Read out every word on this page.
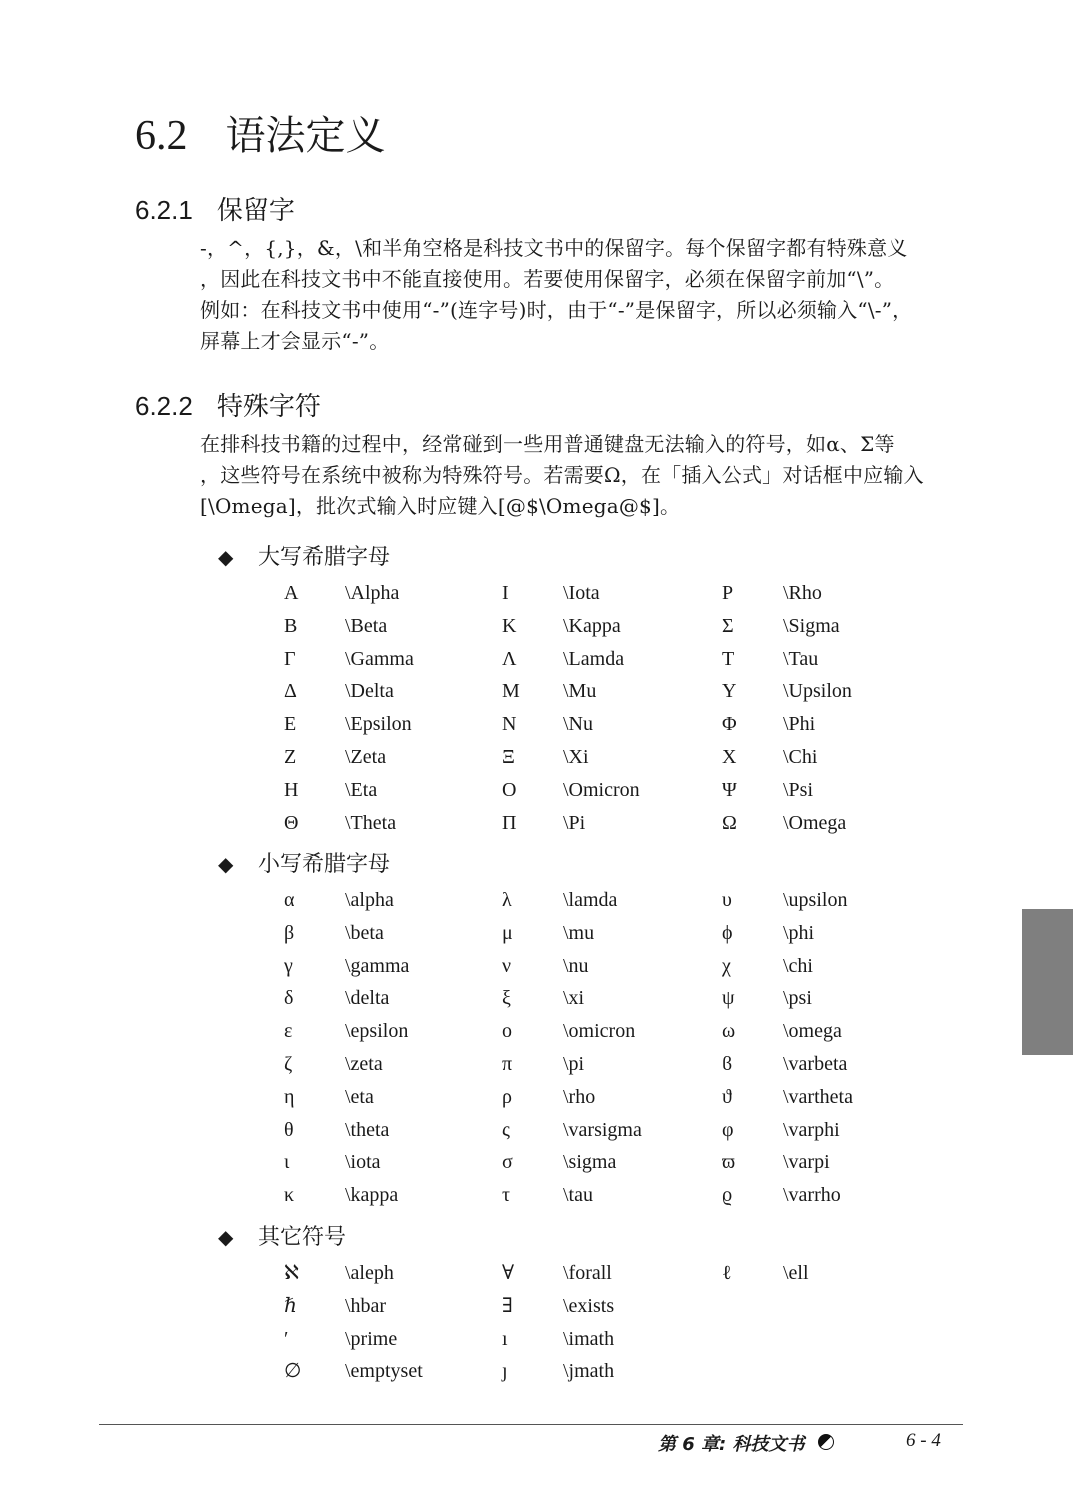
6.2 语法定义
6.2.1 保留字
-，^，{,}，&，\和半角空格是科技文书中的保留字。每个保留字都有特殊意义
，因此在科技文书中不能直接使用。若要使用保留字，必须在保留字前加“\”。
例如：在科技文书中使用“-”(连字号)时，由于“-”是保留字，所以必须输入“\-”，
屏幕上才会显示“-”。
6.2.2 特殊字符
在排科技书籍的过程中，经常碰到一些用普通键盘无法输入的符号，如α、Σ等
，这些符号在系统中被称为特殊符号。若需要Ω，在「插入公式」对话框中应输入
[\Omega]，批次式输入时应键入[@$\Omega@$]。
◆ 大写希腊字母
A \Alpha	I	\Iota	P \Rho
B \Beta	K \Kappa	Σ \Sigma
Γ \Gamma	Λ \Lamda	T \Tau
Δ \Delta	M \Mu	Y \Upsilon
E \Epsilon	N \Nu	Φ \Phi
Z \Zeta	Ξ \Xi	X \Chi
H \Eta	O \Omicron	Ψ \Psi
Θ \Theta	Π \Pi	Ω \Omega
◆ 小写希腊字母
α	\alpha	λ	\lamda	υ	\upsilon
β	\beta	μ	\mu	ϕ	\phi
γ	\gamma	ν	\nu	χ	\chi
δ	\delta	ξ	\xi	ψ \psi
ε	\epsilon	ο	\omicron	ω \omega
ζ	\zeta	π	\pi	ϐ	\varbeta
η	\eta	ρ	\rho	ϑ	\vartheta
θ	\theta	ς	\varsigma	φ \varphi
ι	\iota	σ	\sigma	ϖ \varpi
κ	\kappa	τ	\tau	ϱ	\varrho
◆ 其它符号
ℵ \aleph	∀ \forall	ℓ	\ell
ℏ \hbar	∃	\exists
′	\prime	ı	\imath
∅ \emptyset	ȷ	\jmath
第 6 章: 科技文书	6 - 4
